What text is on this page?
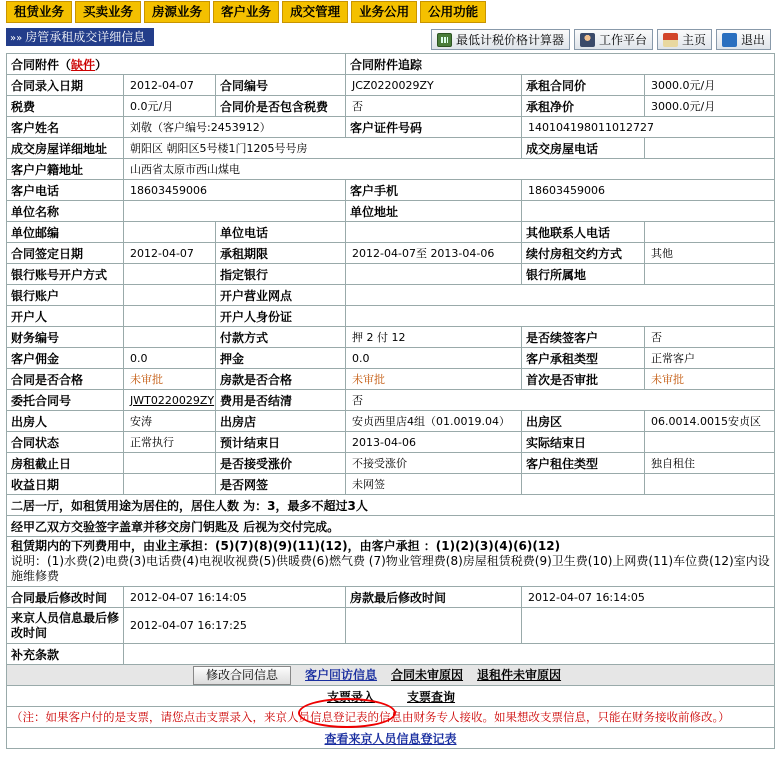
租赁业务	买卖业务	房源业务	客户业务	成交管理	业务公用	公用功能
»» 房管承租成交详细信息	最低计税价格计算器	工作平台	主页	退出
合同附件（缺件）			合同附件追踪		
合同录入日期	2012-04-07	合同编号	JCZ0220029ZY	承租合同价	3000.0元/月
税费	0.0元/月	合同价是否包含税费	否	承租净价	3000.0元/月
客户姓名	刘敬（客户编号:2453912）		客户证件号码	14010419801101272​7	
成交房屋详细地址	朝阳区 朝阳区5号楼1门1205号号房			成交房屋电话	
客户户籍地址	山西省太原市西山煤电				
客户电话	18603459006		客户手机	18603459006	
单位名称			单位地址		
单位邮编		单位电话		其他联系人电话	
合同签定日期	2012-04-07	承租期限	2012-04-07至 2013-04-06	续付房租交约方式	其他
银行账号开户方式		指定银行		银行所属地	
银行账户		开户营业网点			
开户人		开户人身份证			
财务编号		付款方式	押 2 付 12	是否续签客户	否
客户佣金	0.0	押金	0.0	客户承租类型	正常客户
合同是否合格	未审批	房款是否合格	未审批	首次是否审批	未审批
委托合同号	JWT0220029ZY	费用是否结清	否		
出房人	安涛	出房店	安贞西里店4组（01.0019.04）	出房区	06.0014.0015安贞区
合同状态	正常执行	预计结束日	2013-04-06	实际结束日	
房租截止日		是否接受涨价	不接受涨价	客户租住类型	独自租住
收益日期		是否网签	未网签		
二居一厅，如租赁用途为居住的，居住人数 为：3，最多不超过3人					
经甲乙双方交验签字盖章并移交房门钥匙及 后视为交付完成。					

租赁期内的下列费用中，由业主承担：(5)(7)(8)(9)(11)(12)，由客户承担 ：(1)(2)(3)(4)(6)(12)
说明：(1)水费(2)电费(3)电话费(4)电视收视费(5)供暖费(6)燃气费 (7)物业管理费(8)房屋租赁税费(9)卫生费(10)上网费(11)车位费(12)室内设施维修费					

合同最后修改时间	2012-04-07 16:14:05		房款最后修改时间	2012-04-07 16:14:05	
来京人员信息最后修改时间	2012-04-07 16:17:25				
补充条款					
修改合同信息 客户回访信息 合同未审原因 退租件未审原因					
支票录入 支票查询					
（注：如果客户付的是支票，请您点击支票录入，来京人员信息登记表的信息由财务专人接收。如果想改支票信息，只能在财务接收前修改。）					
查看来京人员信息登记表					
